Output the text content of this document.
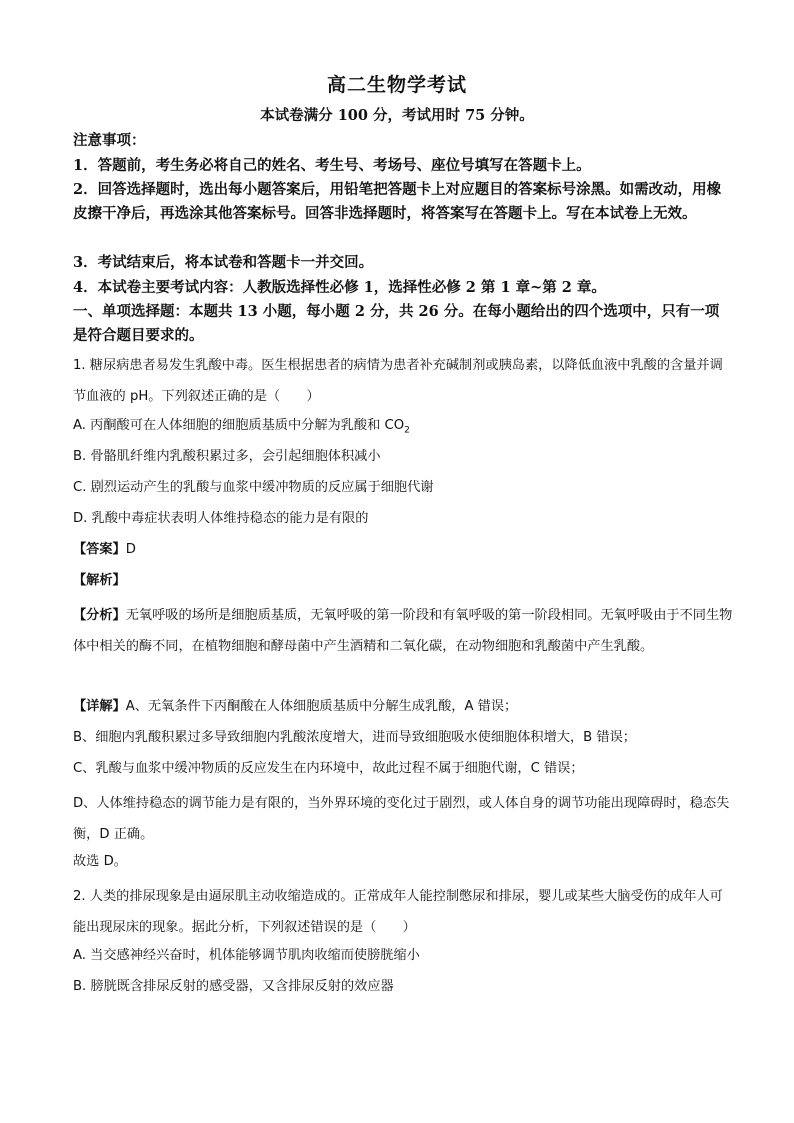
高二生物学考试
本试卷满分 100 分，考试用时 75 分钟。
注意事项：
1．答题前，考生务必将自己的姓名、考生号、考场号、座位号填写在答题卡上。
2．回答选择题时，选出每小题答案后，用铅笔把答题卡上对应题目的答案标号涂黑。如需改动，用橡皮擦干净后，再选涂其他答案标号。回答非选择题时，将答案写在答题卡上。写在本试卷上无效。
3．考试结束后，将本试卷和答题卡一并交回。
4．本试卷主要考试内容：人教版选择性必修 1，选择性必修 2 第 1 章~第 2 章。
一、单项选择题：本题共 13 小题，每小题 2 分，共 26 分。在每小题给出的四个选项中，只有一项是符合题目要求的。
1. 糖尿病患者易发生乳酸中毒。医生根据患者的病情为患者补充碱制剂或胰岛素，以降低血液中乳酸的含量并调节血液的 pH。下列叙述正确的是（　　）
A. 丙酮酸可在人体细胞的细胞质基质中分解为乳酸和 $CO_2$
B. 骨骼肌纤维内乳酸积累过多，会引起细胞体积减小
C. 剧烈运动产生的乳酸与血浆中缓冲物质的反应属于细胞代谢
D. 乳酸中毒症状表明人体维持稳态的能力是有限的
【答案】D
【解析】
【分析】无氧呼吸的场所是细胞质基质，无氧呼吸的第一阶段和有氧呼吸的第一阶段相同。无氧呼吸由于不同生物体中相关的酶不同，在植物细胞和酵母菌中产生酒精和二氧化碳，在动物细胞和乳酸菌中产生乳酸。
【详解】A、无氧条件下丙酮酸在人体细胞质基质中分解生成乳酸，A 错误；
B、细胞内乳酸积累过多导致细胞内乳酸浓度增大，进而导致细胞吸水使细胞体积增大，B 错误；
C、乳酸与血浆中缓冲物质的反应发生在内环境中，故此过程不属于细胞代谢，C 错误；
D、人体维持稳态的调节能力是有限的，当外界环境的变化过于剧烈，或人体自身的调节功能出现障碍时，稳态失衡，D 正确。
故选 D。
2. 人类的排尿现象是由逼尿肌主动收缩造成的。正常成年人能控制憋尿和排尿，婴儿或某些大脑受伤的成年人可能出现尿床的现象。据此分析，下列叙述错误的是（　　）
A. 当交感神经兴奋时，机体能够调节肌肉收缩而使膀胱缩小
B. 膀胱既含排尿反射的感受器，又含排尿反射的效应器
